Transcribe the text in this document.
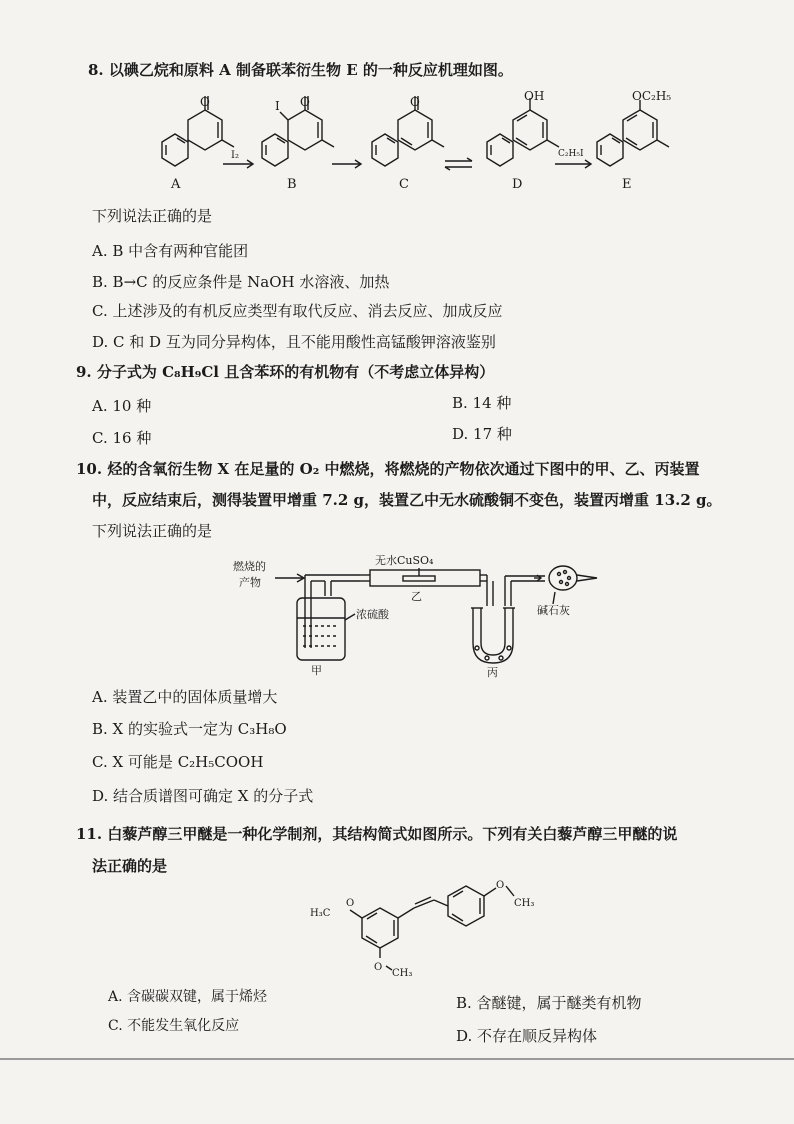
8. 以碘乙烷和原料 A 制备联苯衍生物 E 的一种反应机理如图。
O
A
I₂
I O
B
O
C
OH
D
C₂H₅I
OC₂H₅
E
下列说法正确的是
A. B 中含有两种官能团
B. B→C 的反应条件是 NaOH 水溶液、加热
C. 上述涉及的有机反应类型有取代反应、消去反应、加成反应
D. C 和 D 互为同分异构体，且不能用酸性高锰酸钾溶液鉴别
9. 分子式为 C₈H₉Cl 且含苯环的有机物有（不考虑立体异构）
A. 10 种	B. 14 种
C. 16 种	D. 17 种
10. 烃的含氧衍生物 X 在足量的 O₂ 中燃烧，将燃烧的产物依次通过下图中的甲、乙、丙装置
中，反应结束后，测得装置甲增重 7.2 g，装置乙中无水硫酸铜不变色，装置丙增重 13.2 g。
下列说法正确的是
燃烧的
产物
浓硫酸
甲
无水CuSO₄
乙
丙
碱石灰
A. 装置乙中的固体质量增大
B. X 的实验式一定为 C₃H₈O
C. X 可能是 C₂H₅COOH
D. 结合质谱图可确定 X 的分子式
11. 白藜芦醇三甲醚是一种化学制剂，其结构简式如图所示。下列有关白藜芦醇三甲醚的说
法正确的是
H₃C
O
O
CH₃
O
CH₃
A. 含碳碳双键，属于烯烃	B. 含醚键，属于醚类有机物
C. 不能发生氧化反应
D. 不存在顺反异构体
